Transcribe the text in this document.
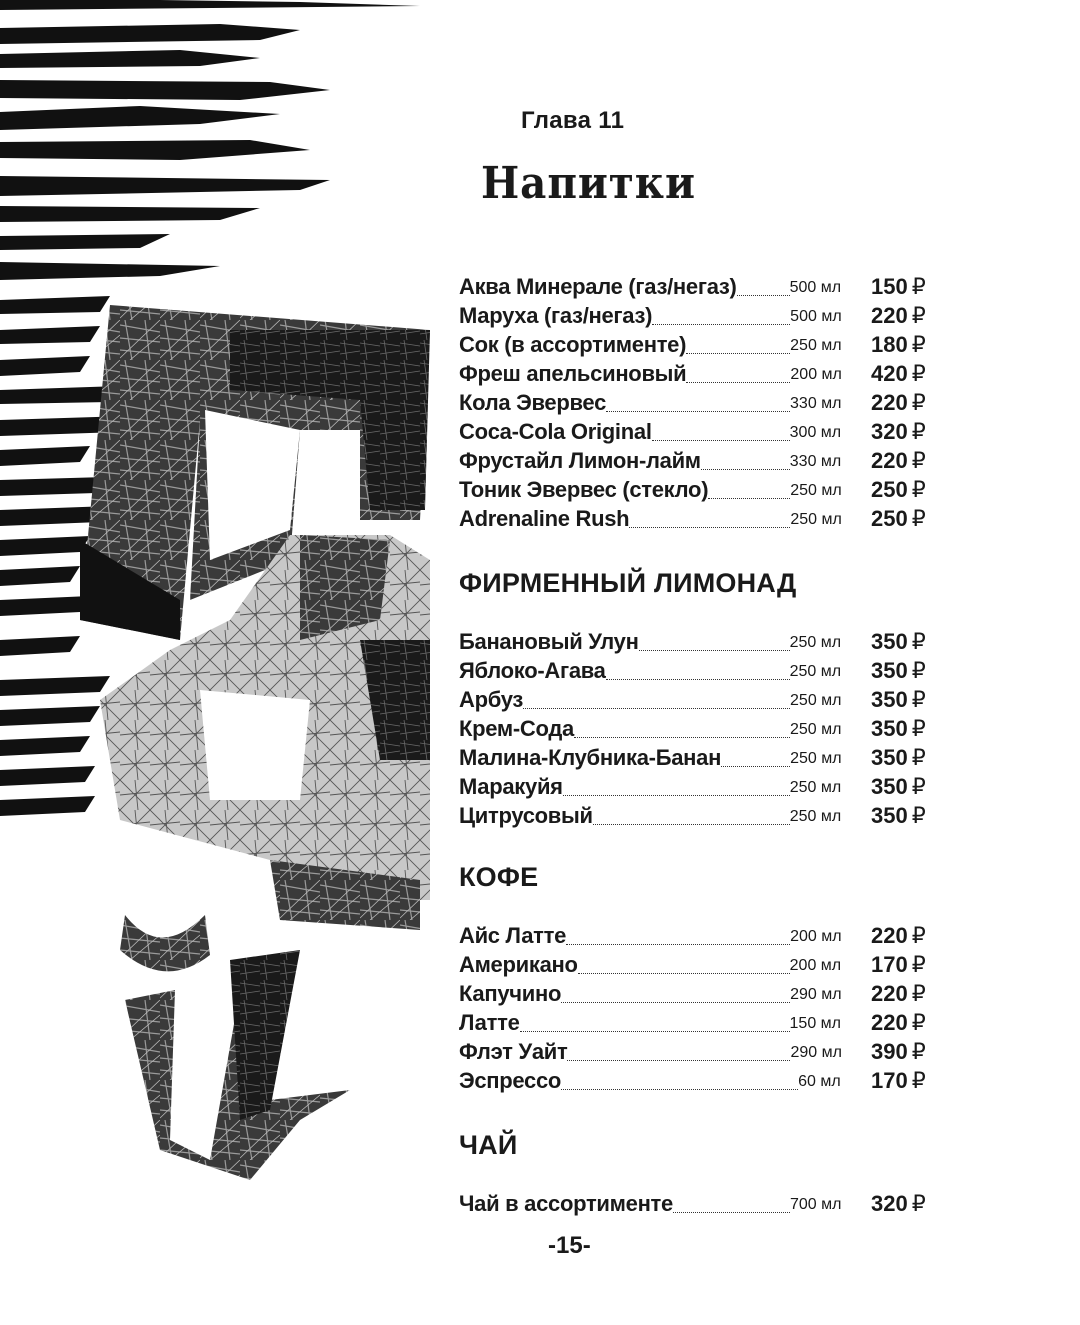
Глава 11
Напитки
Аква Минерале (газ/негаз)	500 мл 150 ₽
Маруха (газ/негаз)	500 мл 220 ₽
Сок (в ассортименте)	250 мл 180 ₽
Фреш апельсиновый	200 мл 420 ₽
Кола Эвервес	330 мл 220 ₽
Coca-Cola Original	300 мл 320 ₽
Фрустайл Лимон-лайм	330 мл 220 ₽
Тоник Эвервес (стекло)	250 мл 250 ₽
Adrenaline Rush	250 мл 250 ₽
ФИРМЕННЫЙ ЛИМОНАД
Банановый Улун	250 мл 350 ₽
Яблоко-Агава	250 мл 350 ₽
Арбуз	250 мл 350 ₽
Крем-Сода	250 мл 350 ₽
Малина-Клубника-Банан	250 мл 350 ₽
Маракуйя	250 мл 350 ₽
Цитрусовый	250 мл 350 ₽
КОФЕ
Айс Латте	200 мл 220 ₽
Американо	200 мл 170 ₽
Капучино	290 мл 220 ₽
Латте	150 мл 220 ₽
Флэт Уайт	290 мл 390 ₽
Эспрессо	60 мл 170 ₽
ЧАЙ
Чай в ассортименте	700 мл 320 ₽
-15-
